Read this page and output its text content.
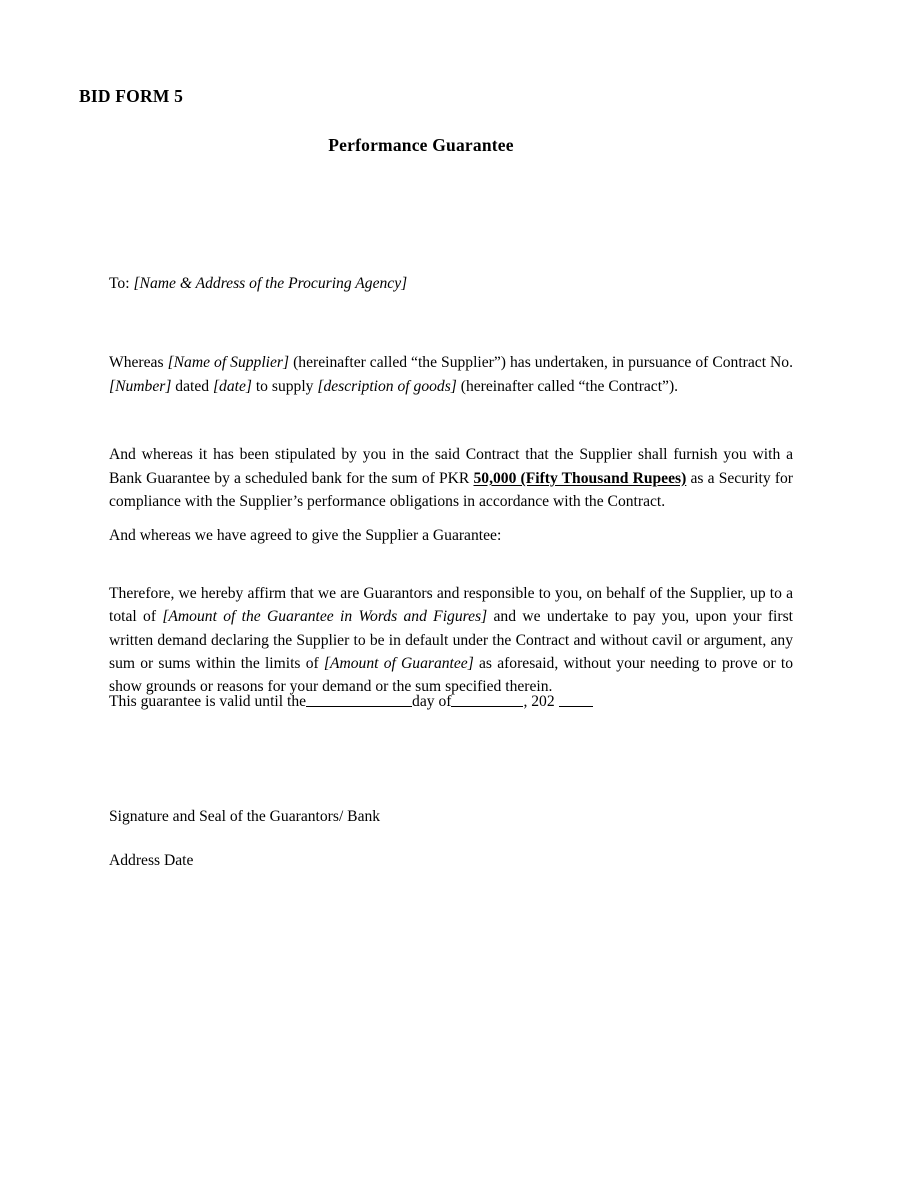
BID FORM 5
Performance Guarantee

To: [Name & Address of the Procuring Agency]

Whereas [Name of Supplier] (hereinafter called “the Supplier”) has undertaken, in pursuance of Contract No. [Number] dated [date] to supply [description of goods] (hereinafter called “the Contract”).

And whereas it has been stipulated by you in the said Contract that the Supplier shall furnish you with a Bank Guarantee by a scheduled bank for the sum of PKR 50,000 (Fifty Thousand Rupees) as a Security for compliance with the Supplier’s performance obligations in accordance with the Contract.

And whereas we have agreed to give the Supplier a Guarantee:

Therefore, we hereby affirm that we are Guarantors and responsible to you, on behalf of the Supplier, up to a total of [Amount of the Guarantee in Words and Figures] and we undertake to pay you, upon your first written demand declaring the Supplier to be in default under the Contract and without cavil or argument, any sum or sums within the limits of [Amount of Guarantee] as aforesaid, without your needing to prove or to show grounds or reasons for your demand or the sum specified therein.

This guarantee is valid until the	day of	, 202
Signature and Seal of the Guarantors/ Bank
Address Date
